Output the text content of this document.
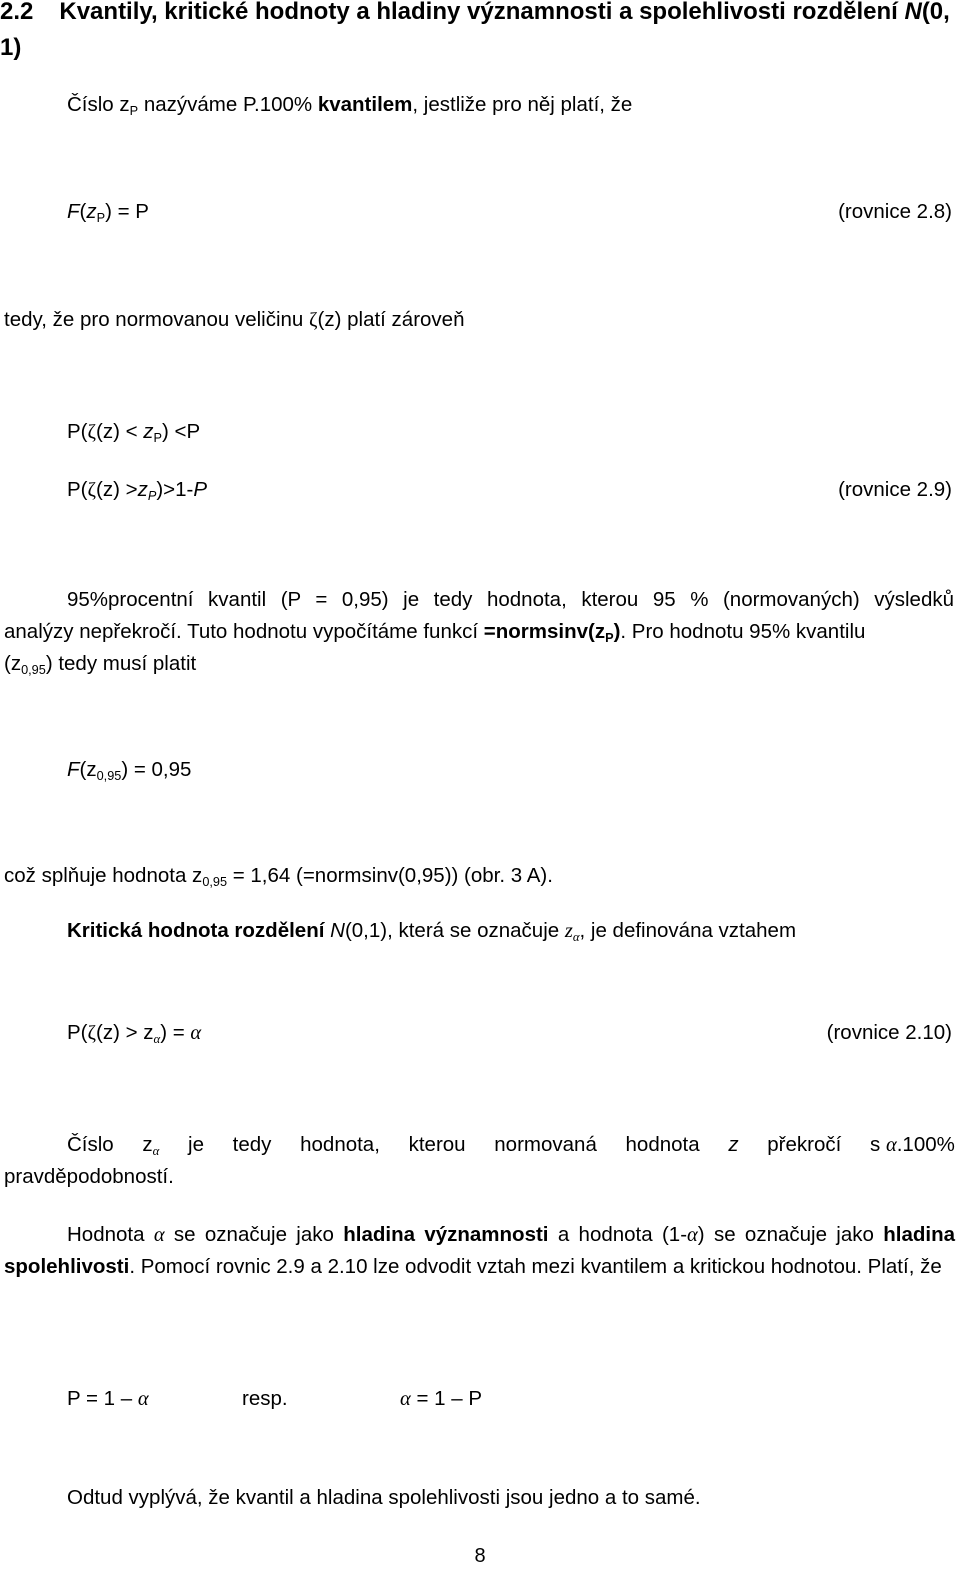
2.2 Kvantily, kritické hodnoty a hladiny významnosti a spolehlivosti rozdělení N(0, 1)
Číslo $z_P$ nazýváme P.100% kvantilem, jestliže pro něj platí, že
$F(z_P) = P$	(rovnice 2.8)
tedy, že pro normovanou veličinu ζ(z) platí zároveň
$P(\zeta(z) < z_P) <P$
$P(\zeta(z) >z_P)>1-P$	(rovnice 2.9)
95%procentní kvantil (P = 0,95) je tedy hodnota, kterou 95 % (normovaných) výsledků
analýzy nepřekročí. Tuto hodnotu vypočítáme funkcí $=normsinv(z_P)$. Pro hodnotu 95% kvantilu
$(z_{0,95})$ tedy musí platit
$F(z_{0,95}) = 0,95$
což splňuje hodnota $z_{0,95} = 1,64$ (=normsinv(0,95)) (obr. 3 A).
Kritická hodnota rozdělení N(0,1), která se označuje $z_\alpha$, je definována vztahem
$P(\zeta(z) > z_\alpha) = \alpha$	(rovnice 2.10)
Číslo $z_\alpha$ je tedy hodnota, kterou normovaná hodnota z překročí s α.100%
pravděpodobností.
Hodnota α se označuje jako hladina významnosti a hodnota (1-α) se označuje jako hladina spolehlivosti. Pomocí rovnic 2.9 a 2.10 lze odvodit vztah mezi kvantilem a kritickou hodnotou. Platí, že
P = 1 – α	resp.	α = 1 – P
Odtud vyplývá, že kvantil a hladina spolehlivosti jsou jedno a to samé.
8
